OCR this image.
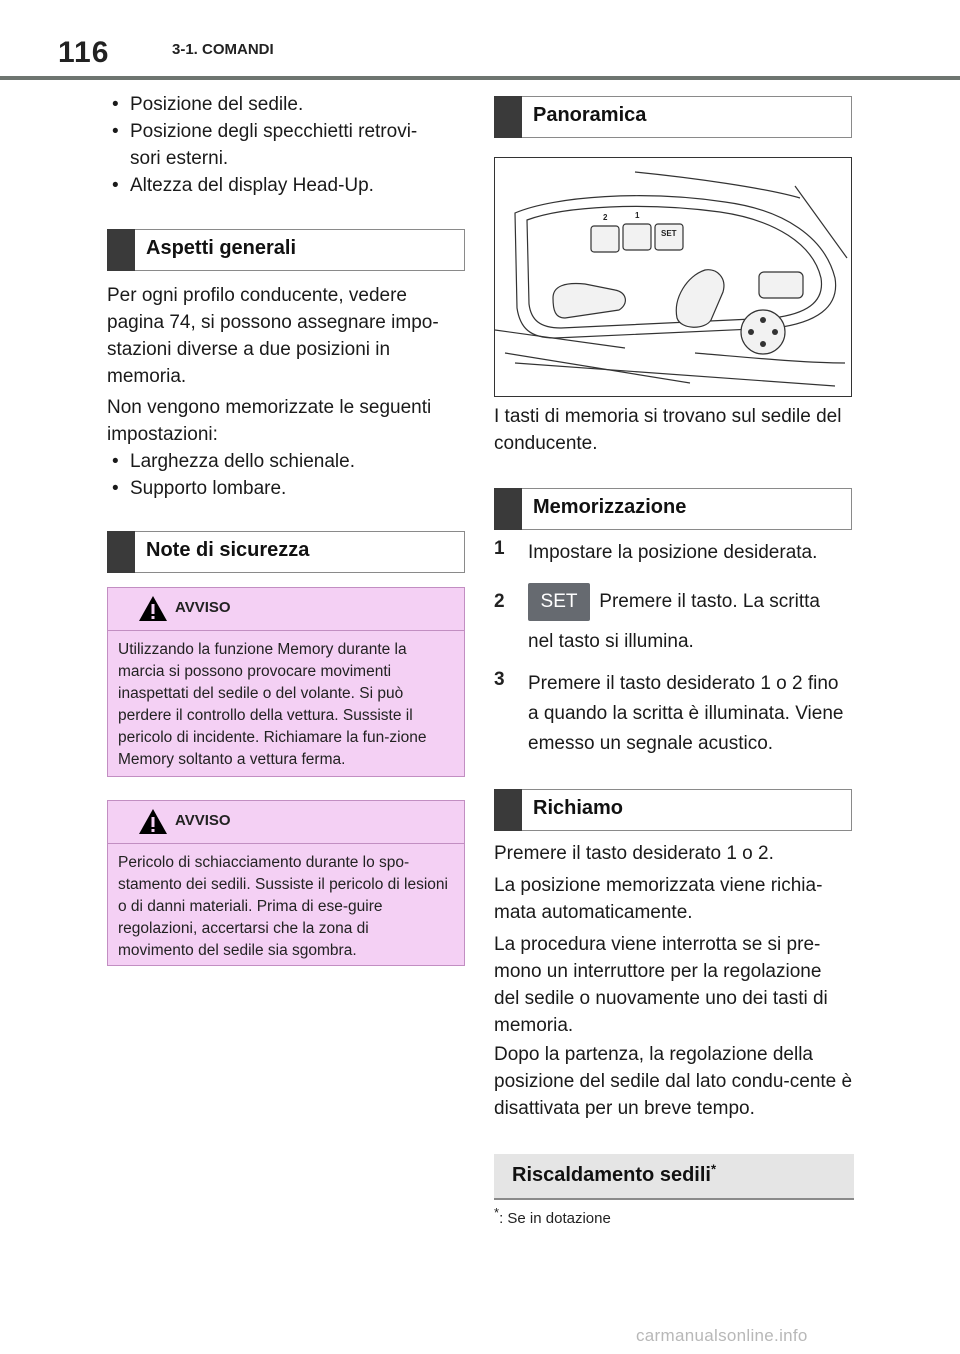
116	3-1. COMANDI
• Posizione del sedile.
• Posizione degli specchietti retrovi-
sori esterni.
• Altezza del display Head-Up.
Aspetti generali
Per ogni profilo conducente, vedere pagina 74, si possono assegnare impo-stazioni diverse a due posizioni in memoria.
Non vengono memorizzate le seguenti impostazioni:
• Larghezza dello schienale.
• Supporto lombare.
Note di sicurezza
AVVISO
Utilizzando la funzione Memory durante la marcia si possono provocare movimenti inaspettati del sedile o del volante. Si può perdere il controllo della vettura. Sussiste il pericolo di incidente. Richiamare la fun-zione Memory soltanto a vettura ferma.
AVVISO
Pericolo di schiacciamento durante lo spo-stamento dei sedili. Sussiste il pericolo di lesioni o di danni materiali. Prima di ese-guire regolazioni, accertarsi che la zona di movimento del sedile sia sgombra.
Panoramica
2	1
SET
I tasti di memoria si trovano sul sedile del conducente.
Memorizzazione
1 Impostare la posizione desiderata.
2	SET Premere il tasto. La scritta
nel tasto si illumina.
3 Premere il tasto desiderato 1 o 2 fino a quando la scritta è illuminata. Viene emesso un segnale acustico.
Richiamo
Premere il tasto desiderato 1 o 2.
La posizione memorizzata viene richia-mata automaticamente.
La procedura viene interrotta se si pre-mono un interruttore per la regolazione del sedile o nuovamente uno dei tasti di memoria.
Dopo la partenza, la regolazione della posizione del sedile dal lato condu-cente è disattivata per un breve tempo.
Riscaldamento sedili*
*: Se in dotazione
carmanualsonline.info
